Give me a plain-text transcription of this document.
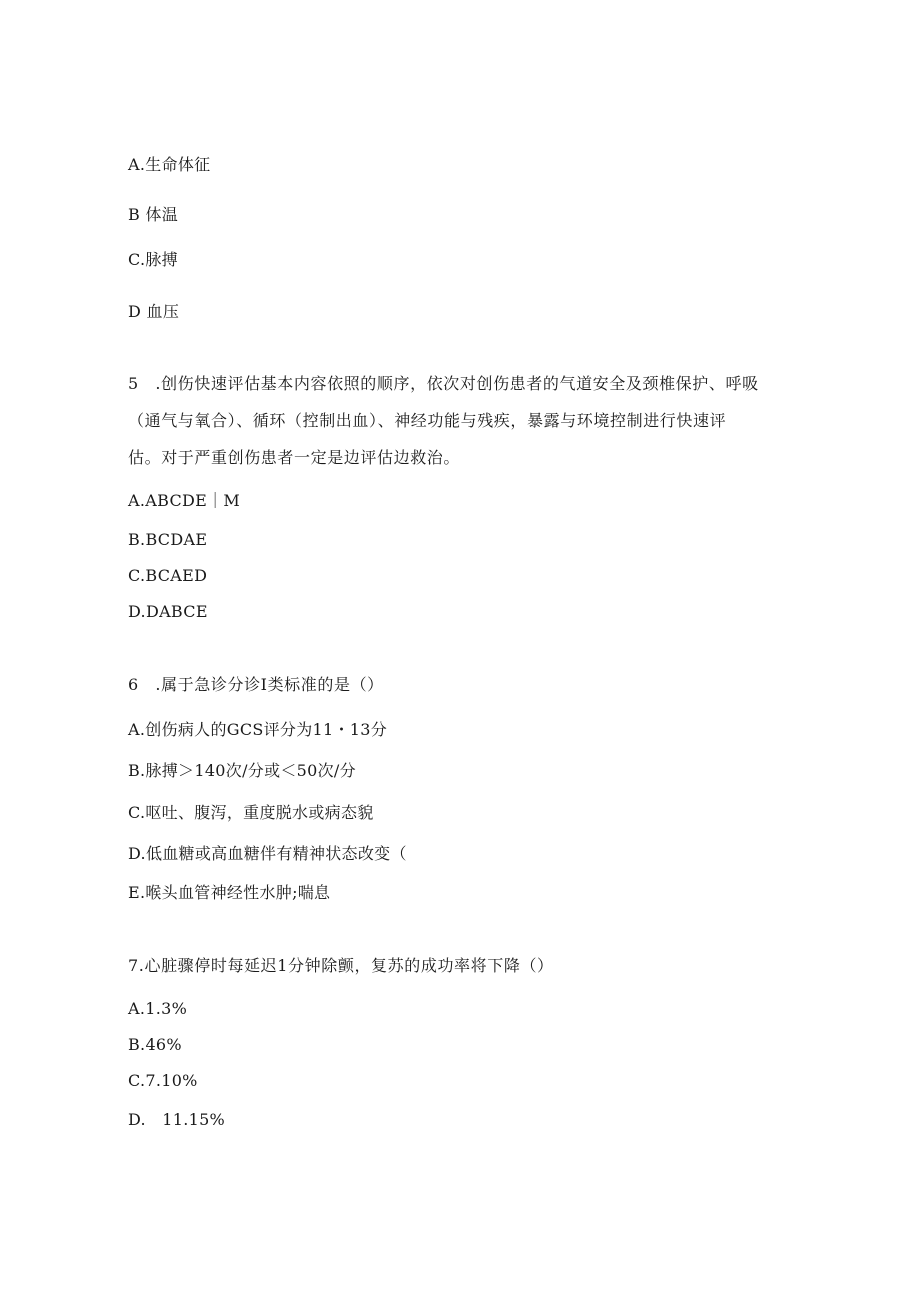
A.生命体征
B 体温
C.脉搏
D 血压
5　.创伤快速评估基本内容依照的顺序，依次对创伤患者的气道安全及颈椎保护、呼吸
（通气与氧合）、循环（控制出血）、神经功能与残疾，暴露与环境控制进行快速评
估。对于严重创伤患者一定是边评估边救治。
A.ABCDE｜M
B.BCDAE
C.BCAED
D.DABCE
6　.属于急诊分诊I类标准的是（）
A.创伤病人的GCS评分为11・13分
B.脉搏＞140次/分或＜50次/分
C.呕吐、腹泻，重度脱水或病态貌
D.低血糖或高血糖伴有精神状态改变（
E.喉头血管神经性水肿;喘息
7.心脏骤停时每延迟1分钟除颤，复苏的成功率将下降（）
A.1.3%
B.46%
C.7.10%
D.　11.15%
